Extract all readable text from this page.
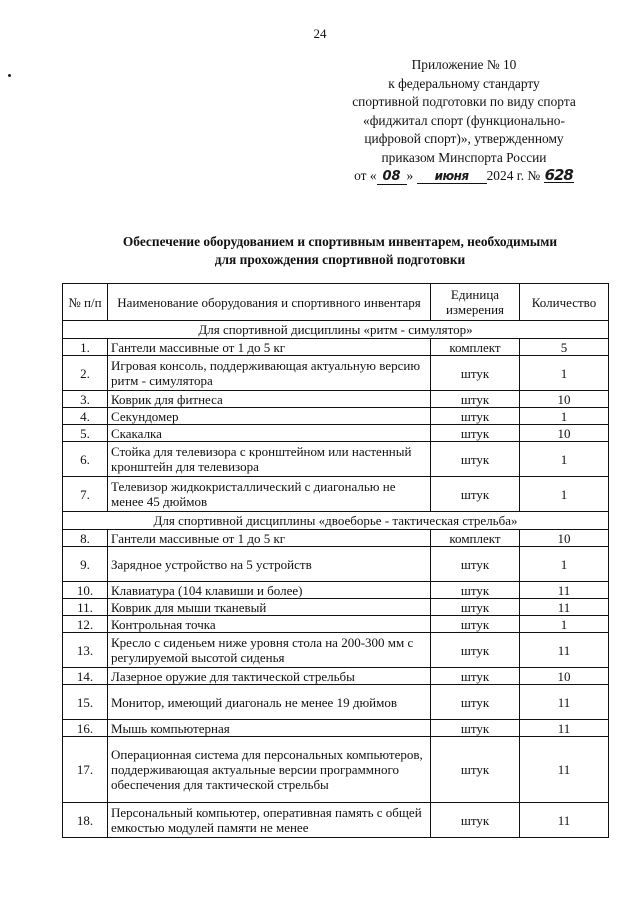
24
Приложение № 10
к федеральному стандарту
спортивной подготовки по виду спорта
«фиджитал спорт (функционально-
цифровой спорт)», утвержденному
приказом Минспорта России
от « 08 » июня 2024 г. № 628
Обеспечение оборудованием и спортивным инвентарем, необходимыми
для прохождения спортивной подготовки
№ п/п	Наименование оборудования и спортивного инвентаря	Единица измерения	Количество
Для спортивной дисциплины «ритм - симулятор»			
1.	Гантели массивные от 1 до 5 кг	комплект	5
2.	Игровая консоль, поддерживающая актуальную версию ритм - симулятора	штук	1
3.	Коврик для фитнеса	штук	10
4.	Секундомер	штук	1
5.	Скакалка	штук	10
6.	Стойка для телевизора с кронштейном или настенный кронштейн для телевизора	штук	1
7.	Телевизор жидкокристаллический с диагональю не менее 45 дюймов	штук	1
Для спортивной дисциплины «двоеборье - тактическая стрельба»			
8.	Гантели массивные от 1 до 5 кг	комплект	10
9.	Зарядное устройство на 5 устройств	штук	1
10.	Клавиатура (104 клавиши и более)	штук	11
11.	Коврик для мыши тканевый	штук	11
12.	Контрольная точка	штук	1
13.	Кресло с сиденьем ниже уровня стола на 200-300 мм с регулируемой высотой сиденья	штук	11
14.	Лазерное оружие для тактической стрельбы	штук	10
15.	Монитор, имеющий диагональ не менее 19 дюймов	штук	11
16.	Мышь компьютерная	штук	11
17.	Операционная система для персональных компьютеров, поддерживающая актуальные версии программного обеспечения для тактической стрельбы	штук	11
18.	Персональный компьютер, оперативная память с общей емкостью модулей памяти не менее	штук	11
